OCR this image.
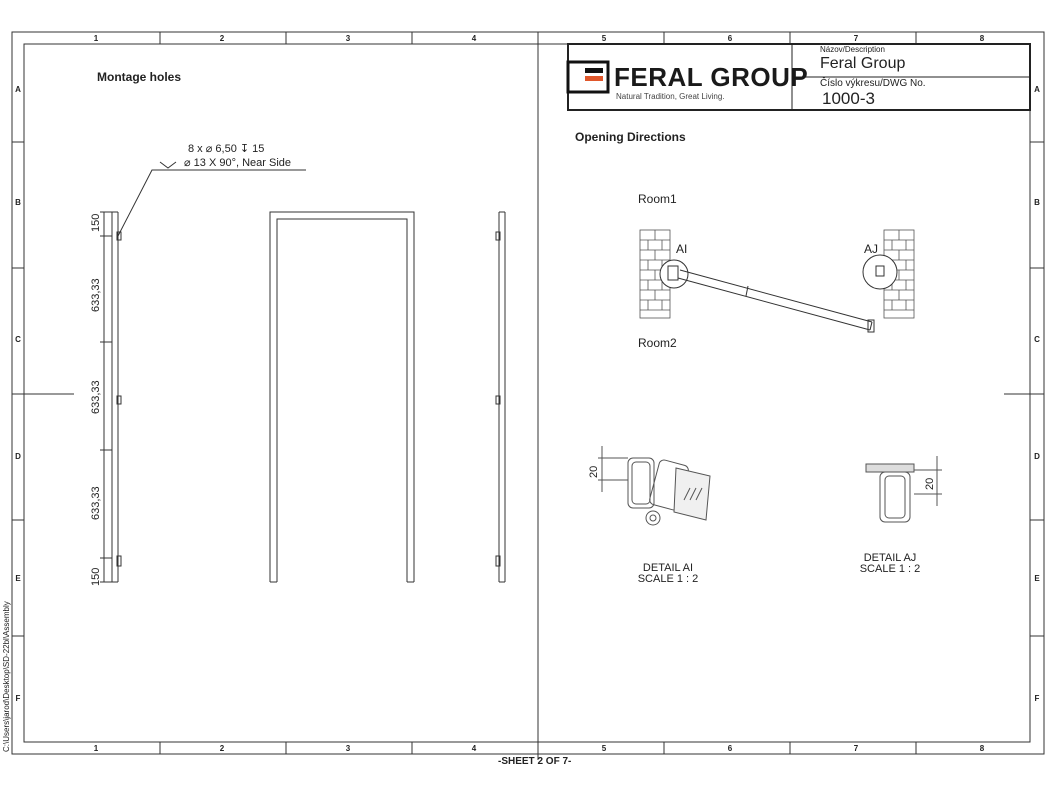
1	2	3	4	5	6	7	8
1	2	3	4	5	6	7	8
A
B
C
D
E
F
A
B
C
D
E
F
Montage holes
8 x ⌀ 6,50 ↧ 15
⌀ 13 X 90°, Near Side
150
633,33
633,33
633,33
150
FERAL GROUP
Natural Tradition, Great Living.
Názov/Description
Feral Group
Číslo výkresu/DWG No.
1000-3
Opening Directions
Room1
Room2
AI	AJ
20
20
DETAIL AI
SCALE 1 : 2
DETAIL AJ
SCALE 1 : 2
-SHEET 2 OF 7-
C:\Users\jarod\Desktop\SD-22bl\Assembly
